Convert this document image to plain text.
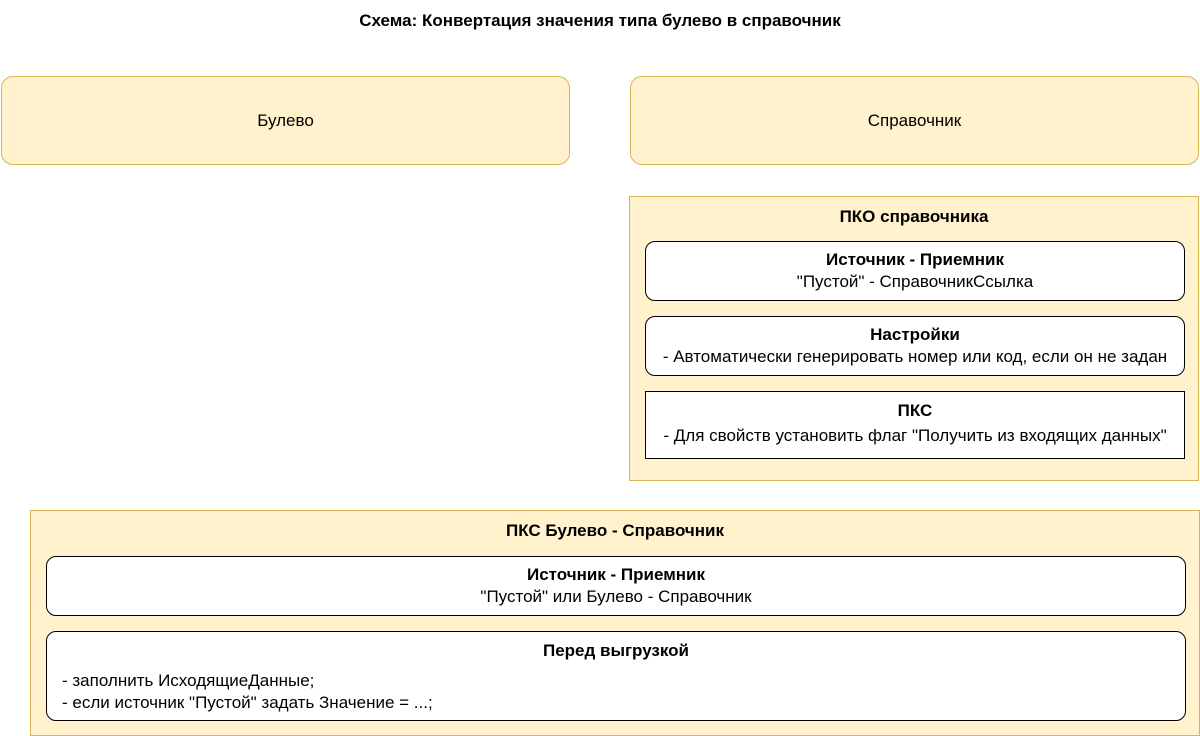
Схема: Конвертация значения типа булево в справочник
Булево	Справочник
ПКО справочника
Источник - Приемник
"Пустой" - СправочникСсылка
Настройки
- Автоматически генерировать номер или код, если он не задан
ПКС
- Для свойств установить флаг "Получить из входящих данных"
ПКС Булево - Справочник
Источник - Приемник
"Пустой" или Булево - Справочник
Перед выгрузкой
- заполнить ИсходящиеДанные;
- если источник "Пустой" задать Значение = ...;
